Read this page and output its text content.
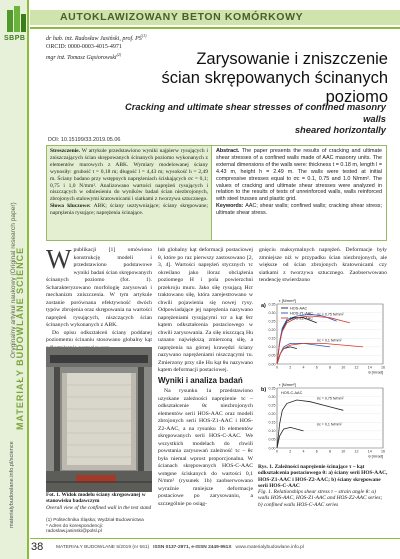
Oryginalny artykuł naukowy (Original research paper)
MATERIAŁY BUDOWLANE SCIENCE
materialybudowlane.info.pl/science
SBPB
AUTOKLAWIZOWANY BETON KOMÓRKOWY
dr hab. inż. Radosław Jasiński, prof. PŚ$^{(1)}$
ORCID: 0000-0003-4015-4971
mgr inż. Tomasz Gąsiorowski$^{(2)}$	Zarysowanie i zniszczenie
ścian skrępowanych ścinanych poziomo
Cracking and ultimate shear stresses of confined masonry walls
sheared horizontally
DOI: 10.15199/33.2019.05.06
Streszczenie. W artykule przedstawiono wyniki najpierw rysujących i zniszczających ścian skrępowanych ścinanych poziomo wykonanych z elementów murowych z ABK. Wymiary modelowanej ściany wynosiły: grubość t = 0,18 m; długość l = 4,43 m; wysokość h = 2,49 m. Ściany badano przy wstępnych naprężeniach ściskających σc = 0,1; 0,75 i 1,0 N/mm². Analizowano wartości naprężeń rysujących i niszczących w odniesieniu do wyników badań ścian niezbrojonych, zbrojonych stalowymi kratownicami i siatkami z tworzywa sztucznego.
Słowa kluczowe: ABK; ściany usztywniające; ściany skrępowane; naprężenia rysujące; naprężenia ścinające.
Abstract. The paper presents the results of cracking and ultimate shear stresses of a confined walls made of AAC masonry units. The external dimensions of the walls were: thickness t = 0.18 m, length l = 4.43 m, height h = 2.49 m. The walls were tested at initial compressive stresses equal to σc = 0.1, 0.75 and 1.0 N/mm². The values of cracking and ultimate shear stresses were analyzed in relation to the results of tests of unreinforced walls, walls reinforced with steel trusses and plastic grid.
Keywords: AAC; shear walls; confined walls; cracking shear stress; ultimate shear stress.
Wpublikacji [1] omówiono konstrukcję modeli i przedstawiono podstawowe wyniki badań ścian skrępowanych ścinanych poziomo (fot. 1). Scharakteryzowano morfologię zarysowań i mechanizm zniszczenia. W tym artykule zostanie porównana efektywność dwóch typów zbrojenia oraz skrępowania na wartości naprężeń rysujących, niszczących ścian ścinanych wykonanych z ABK.
Do opisu odkształceń ściany poddanej poziomemu ścinaniu stosowano globalny kąt
Fot. 1. Widok modelu ściany skrępowanej w stanowisku badawczym
Overall view of the confined wall in the test stand
(1) Politechnika Śląska; Wydział Budownictwa
* Adres do korespondencji:
radoslaw.jasinski@polsl.pl
lub globalny kąt deformacji postaciowej θ, które po raz pierwszy zastosowano [2, 3, 4]. Wartości naprężeń stycznych τc określano jako iloraz obciążenia poziomego H i pola powierzchni przekroju muru. Jako siłę rysującą Hcr traktowano siłę, która zarejestrowano w chwili pojawienia się nowej rysy. Odpowiadające jej naprężenia nazywano naprężeniami rysującymi τcr a kąt θcr kątem odkształcenia postaciowego w chwili zarysowania. Za siłę niszczącą Hu uznano największą zmierzoną siłę, a naprężenia na górnej krawędzi ściany nazywano naprężeniami niszczącymi τu. Zmierzony przy sile Hu kąt θu nazywano kątem deformacji postaciowej.
Wyniki i analiza badań
Na rysunku 1a przedstawiono uzyskane zależności naprężenie τc – odkształcenie θc niezbrojonych elementów serii HOS-AAC oraz modeli zbrojonych serii HOS-Z1-AAC i HOS-Z2-AAC, a na rysunku 1b elementów skrępowanych serii HOS-C-AAC. We wszystkich modelach do chwili powstania zarysowań zależność τc – θc była niemal wprost proporcjonalna. W ścianach skrępowanych HOS-C-AAC wstępne ściskanych do wartości 0,1 N/mm² (rysunek 1b) zaobserwowano wyraźnie mniejsze deformacje postaciowe po zarysowaniu, a szczególnie po osiąg-
gnięciu maksymalnych naprężeń. Deformacje były zmniejsze niż w przypadku ścian niezbrojonych, ale większe od ścian zbrojonych kratownicami czy siatkami z tworzywa sztucznego. Zaobserwowano tendencję stwierdzono
0.00
0.05
0.10
0.15
0.20
0.25
0.30
0.35
0	2	4	6	8	10	12	14	16
θ [mrad]
τ [N/mm²]
a)
σc = 0,75 N/mm²
σc = 0,1 N/mm²
HOS-AAC
HOS-Z1-AAC
HOS-Z2-AAC
0.00
0.05
0.10
0.15
0.20
0.25
0.30
0.35
0	2	4	6	8	10	12	14	16
θ [mrad]
τ [N/mm²]
b)
σc = 0,75 N/mm²
σc = 0,1 N/mm²
HOS-C-AAC
Rys. 1. Zależności naprężenie ścinające τ – kąt odkształcenia postaciowego θ: a) ściany serii HOS-AAC, HOS-Z1-AAC i HOS-Z2-AAC; b) ściany skrępowane serii HOS-C-AAC
Fig. 1. Relationships shear stress τ – strain angle θ: a) walls HOS-AAC, HOS-Z1-AAC and HOS-Z2-AAC series; b) confined walls HOS-C-AAC series
38	MATERIAŁY BUDOWLANE 5/2019 (nr 561) ISSN 0137-2971, e-ISSN 2449-951X www.materialybudowlane.info.pl
